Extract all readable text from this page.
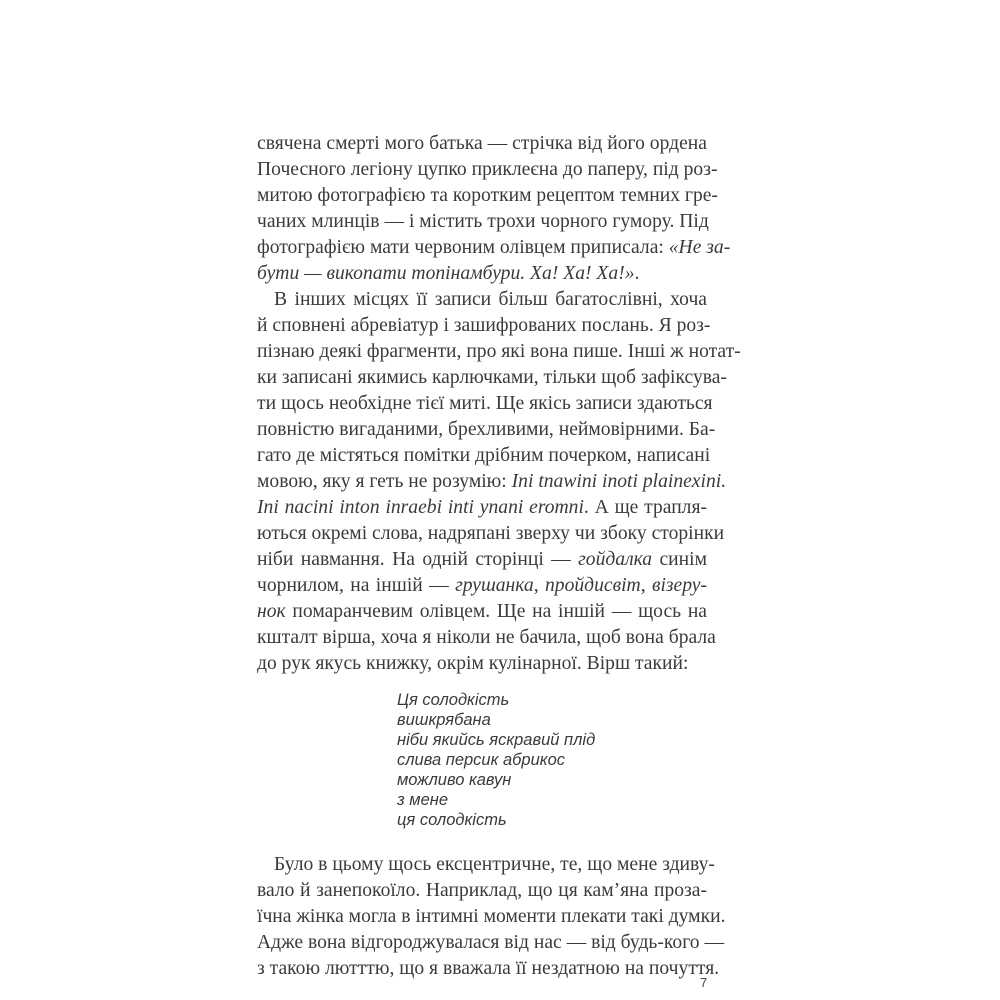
свячена смерті мого батька — стрічка від його ордена

Почесного легіону цупко приклеєна до паперу, під роз-

митою фотографією та коротким рецептом темних гре-

чаних млинців — і містить трохи чорного гумору. Під

фотографією мати червоним олівцем приписала: «Не за-

бути — викопати топінамбури. Ха! Ха! Ха!».

В інших місцях її записи більш багатослівні, хоча

й сповнені абревіатур і зашифрованих послань. Я роз-

пізнаю деякі фрагменти, про які вона пише. Інші ж нотат-

ки записані якимись карлючками, тільки щоб зафіксува-

ти щось необхідне тієї миті. Ще якісь записи здаються

повністю вигаданими, брехливими, неймовірними. Ба-

гато де містяться помітки дрібним почерком, написані

мовою, яку я геть не розумію: Ini tnawini inoti plainexini.

Ini nacini inton inraebi inti ynani eromni. А ще трапля-

ються окремі слова, надряпані зверху чи збоку сторінки

ніби навмання. На одній сторінці — гойдалка синім

чорнилом, на іншій — грушанка, пройдисвіт, візеру-

нок помаранчевим олівцем. Ще на іншій — щось на

кшталт вірша, хоча я ніколи не бачила, щоб вона брала

до рук якусь книжку, окрім кулінарної. Вірш такий:

Ця солодкість

вишкрябана

ніби якийсь яскравий плід

слива персик абрикос

можливо кавун

з мене

ця солодкість

Було в цьому щось ексцентричне, те, що мене здиву-

вало й занепокоїло. Наприклад, що ця кам’яна проза-

їчна жінка могла в інтимні моменти плекати такі думки.

Адже вона відгороджувалася від нас — від будь-кого —

з такою лютттю, що я вважала її нездатною на почуття.

7
